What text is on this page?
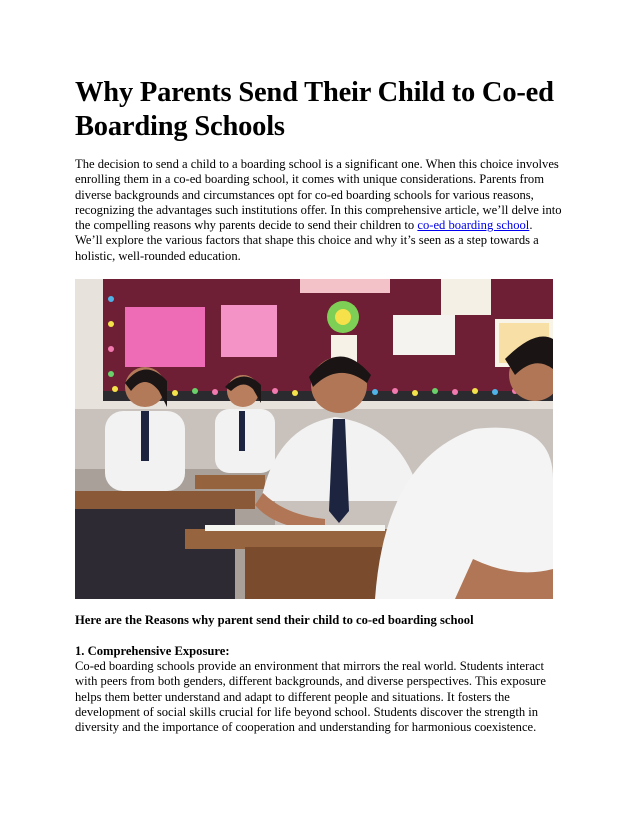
Why Parents Send Their Child to Co-ed Boarding Schools

The decision to send a child to a boarding school is a significant one. When this choice involves enrolling them in a co-ed boarding school, it comes with unique considerations. Parents from diverse backgrounds and circumstances opt for co-ed boarding schools for various reasons, recognizing the advantages such institutions offer. In this comprehensive article, we’ll delve into the compelling reasons why parents decide to send their children to co-ed boarding school. We’ll explore the various factors that shape this choice and why it’s seen as a step towards a holistic, well-rounded education.

Here are the Reasons why parent send their child to co-ed boarding school

1. Comprehensive Exposure:

Co-ed boarding schools provide an environment that mirrors the real world. Students interact with peers from both genders, different backgrounds, and diverse perspectives. This exposure helps them better understand and adapt to different people and situations. It fosters the development of social skills crucial for life beyond school. Students discover the strength in diversity and the importance of cooperation and understanding for harmonious coexistence.
